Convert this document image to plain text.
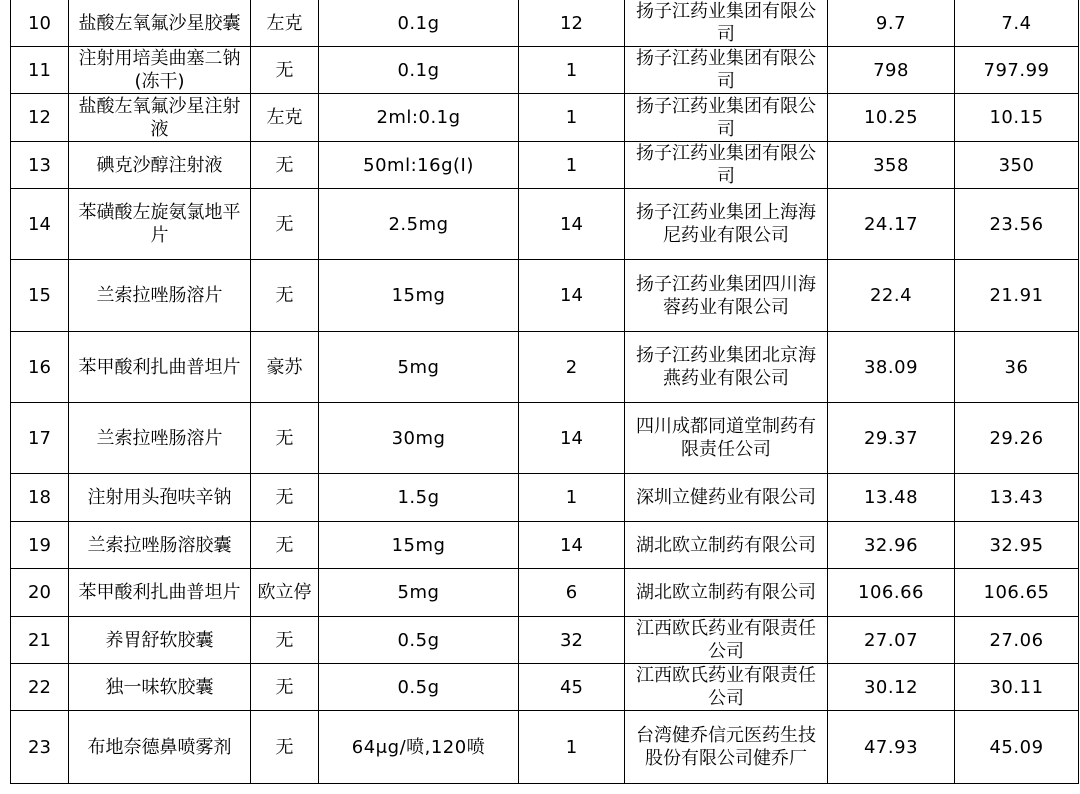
10	盐酸左氧氟沙星胶囊	左克	0.1g	12	扬子江药业集团有限公司	9.7	7.4
11	注射用培美曲塞二钠(冻干)	无	0.1g	1	扬子江药业集团有限公司	798	797.99
12	盐酸左氧氟沙星注射液	左克	2ml:0.1g	1	扬子江药业集团有限公司	10.25	10.15
13	碘克沙醇注射液	无	50ml:16g(I)	1	扬子江药业集团有限公司	358	350
14	苯磺酸左旋氨氯地平片	无	2.5mg	14	扬子江药业集团上海海尼药业有限公司	24.17	23.56
15	兰索拉唑肠溶片	无	15mg	14	扬子江药业集团四川海蓉药业有限公司	22.4	21.91
16	苯甲酸利扎曲普坦片	豪苏	5mg	2	扬子江药业集团北京海燕药业有限公司	38.09	36
17	兰索拉唑肠溶片	无	30mg	14	四川成都同道堂制药有限责任公司	29.37	29.26
18	注射用头孢呋辛钠	无	1.5g	1	深圳立健药业有限公司	13.48	13.43
19	兰索拉唑肠溶胶囊	无	15mg	14	湖北欧立制药有限公司	32.96	32.95
20	苯甲酸利扎曲普坦片	欧立停	5mg	6	湖北欧立制药有限公司	106.66	106.65
21	养胃舒软胶囊	无	0.5g	32	江西欧氏药业有限责任公司	27.07	27.06
22	独一味软胶囊	无	0.5g	45	江西欧氏药业有限责任公司	30.12	30.11
23	布地奈德鼻喷雾剂	无	64μg/喷,120喷	1	台湾健乔信元医药生技股份有限公司健乔厂	47.93	45.09
